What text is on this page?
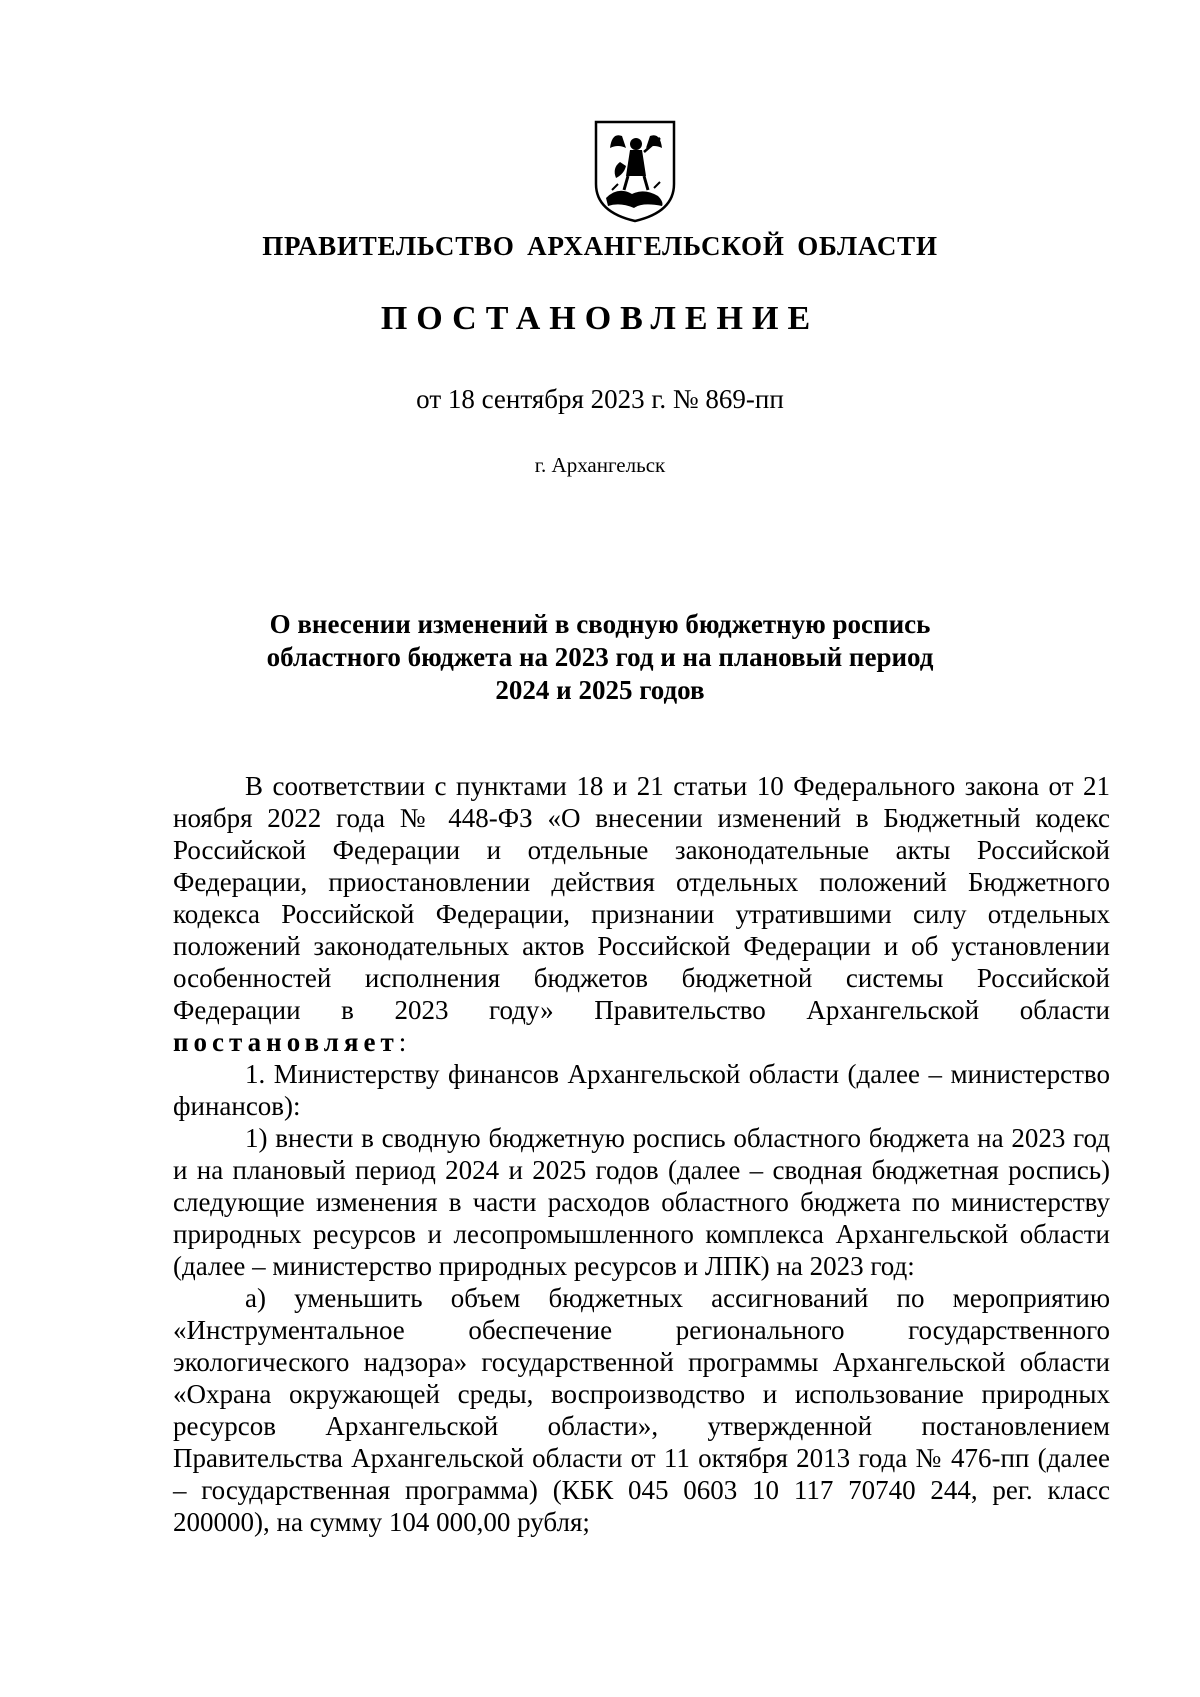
ПРАВИТЕЛЬСТВО АРХАНГЕЛЬСКОЙ ОБЛАСТИ
ПОСТАНОВЛЕНИЕ

от 18 сентября 2023 г. № 869-пп

г. Архангельск

О внесении изменений в сводную бюджетную роспись
областного бюджета на 2023 год и на плановый период
2024 и 2025 годов

В соответствии с пунктами 18 и 21 статьи 10 Федерального закона от 21 ноября 2022 года № 448-ФЗ «О внесении изменений в Бюджетный кодекс Российской Федерации и отдельные законодательные акты Российской Федерации, приостановлении действия отдельных положений Бюджетного кодекса Российской Федерации, признании утратившими силу отдельных положений законодательных актов Российской Федерации и об установлении особенностей исполнения бюджетов бюджетной системы Российской Федерации в 2023 году» Правительство Архангельской области постановляет:

1. Министерству финансов Архангельской области (далее – министерство финансов):

1) внести в сводную бюджетную роспись областного бюджета на 2023 год и на плановый период 2024 и 2025 годов (далее – сводная бюджетная роспись) следующие изменения в части расходов областного бюджета по министерству природных ресурсов и лесопромышленного комплекса Архангельской области (далее – министерство природных ресурсов и ЛПК) на 2023 год:

а) уменьшить объем бюджетных ассигнований по мероприятию «Инструментальное обеспечение регионального государственного экологического надзора» государственной программы Архангельской области «Охрана окружающей среды, воспроизводство и использование природных ресурсов Архангельской области», утвержденной постановлением Правительства Архангельской области от 11 октября 2013 года № 476-пп (далее – государственная программа) (КБК 045 0603 10 117 70740 244, рег. класс 200000), на сумму 104 000,00 рубля;
